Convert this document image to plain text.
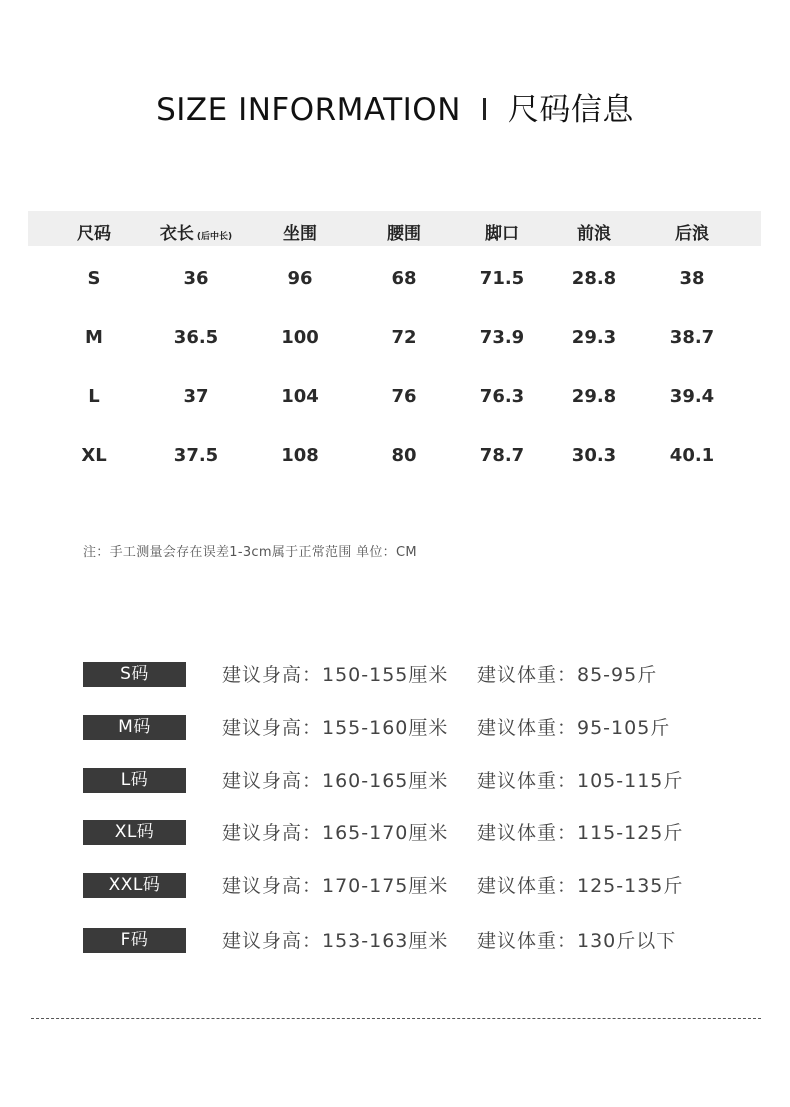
SIZE INFORMATION 尺码信息
尺码	衣长 (后中长)	坐围	腰围	脚口	前浪	后浪
S	36	96	68	71.5	28.8	38
M	36.5	100	72	73.9	29.3	38.7
L	37	104	76	76.3	29.8	39.4
XL	37.5	108	80	78.7	30.3	40.1
注：手工测量会存在误差1-3cm属于正常范围 单位：CM
S码	建议身高：150-155厘米 建议体重：85-95斤
M码	建议身高：155-160厘米 建议体重：95-105斤
L码	建议身高：160-165厘米 建议体重：105-115斤
XL码	建议身高：165-170厘米 建议体重：115-125斤
XXL码	建议身高：170-175厘米 建议体重：125-135斤
F码	建议身高：153-163厘米 建议体重：130斤以下
